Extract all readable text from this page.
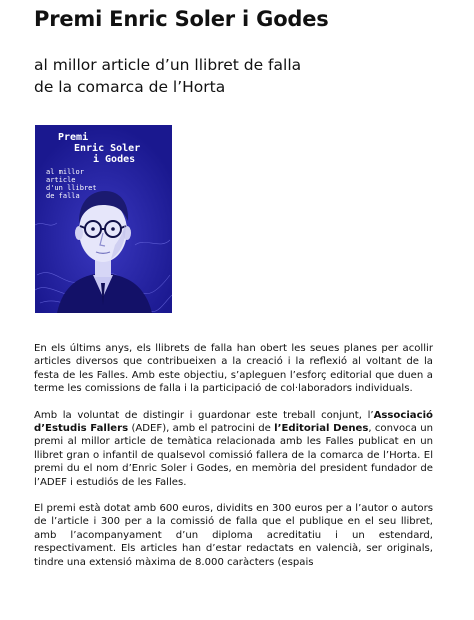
Premi Enric Soler i Godes
al millor article d’un llibret de falla
de la comarca de l’Horta
Premi
Enric Soler
i Godes
al millor
article
d'un llibret
de falla

En els últims anys, els llibrets de falla han obert les seues planes per acollir articles diversos que contribueixen a la creació i la reflexió al voltant de la festa de les Falles. Amb este objectiu, s’apleguen l’esforç editorial que duen a terme les comissions de falla i la participació de col·laboradors individuals.

Amb la voluntat de distingir i guardonar este treball conjunt, l’Associació d’Estudis Fallers (ADEF), amb el patrocini de l’Editorial Denes, convoca un premi al millor article de temàtica relacionada amb les Falles publicat en un llibret gran o infantil de qualsevol comissió fallera de la comarca de l’Horta. El premi du el nom d’Enric Soler i Godes, en memòria del president fundador de l’ADEF i estudiós de les Falles.

El premi està dotat amb 600 euros, dividits en 300 euros per a l’autor o autors de l’article i 300 per a la comissió de falla que el publique en el seu llibret, amb l’acompanyament d’un diploma acreditatiu i un estendard, respectivament. Els articles han d’estar redactats en valencià, ser originals, tindre una extensió màxima de 8.000 caràcters (espais
